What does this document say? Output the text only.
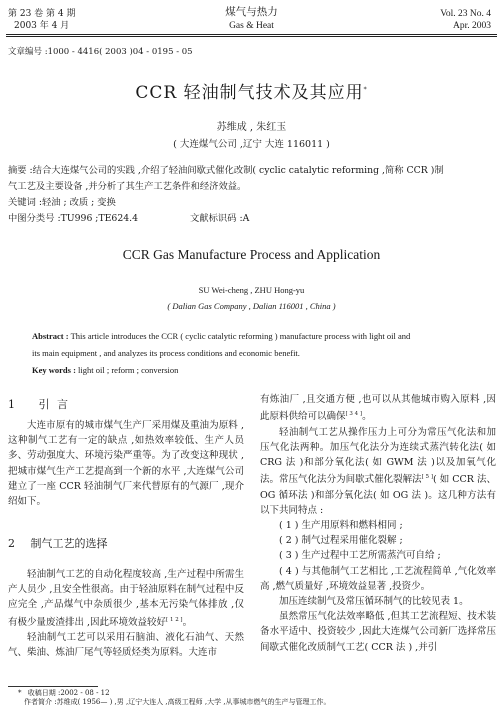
第 23 卷 第 4 期
2003 年 4 月
煤气与热力
Gas & Heat
Vol. 23 No. 4
Apr. 2003
文章编号 :1000 - 4416( 2003 )04 - 0195 - 05
CCR 轻油制气技术及其应用*
苏维成 , 朱红玉
( 大连煤气公司 ,辽宁 大连 116011 )
摘要 :结合大连煤气公司的实践 ,介绍了轻油间歇式催化改制( cyclic catalytic reforming ,简称 CCR )制
气工艺及主要设备 ,并分析了其生产工艺条件和经济效益。
关键词 :轻油 ; 改质 ; 变换
中图分类号 :TU996 ;TE624.4	文献标识码 :A
CCR Gas Manufacture Process and Application
SU Wei-cheng , ZHU Hong-yu
( Dalian Gas Company , Dalian 116001 , China )
Abstract : This article introduces the CCR ( cyclic catalytic reforming ) manufacture process with light oil and
its main equipment , and analyzes its process conditions and economic benefit.
Key words : light oil ; reform ; conversion
1 引 言

大连市原有的城市煤气生产厂采用煤及重油为原料 ,这种制气工艺有一定的缺点 ,如热效率较低、生产人员多、劳动强度大、环境污染严重等。为了改变这种现状 ,把城市煤气生产工艺提高到一个新的水平 ,大连煤气公司建立了一座 CCR 轻油制气厂来代替原有的气源厂 ,现介绍如下。

2 制气工艺的选择

轻油制气工艺的自动化程度较高 ,生产过程中所需生产人员少 ,且安全性很高。由于轻油原料在制气过程中反应完全 ,产品煤气中杂质很少 ,基本无污染气体排放 ,仅有极少量废渣排出 ,因此环境效益较好[ 1 2 ]。

轻油制气工艺可以采用石脑油、液化石油气、天然气、柴油、炼油厂尾气等轻质烃类为原料。大连市

有炼油厂 ,且交通方便 ,也可以从其他城市购入原料 ,因此原料供给可以确保[ 3 4 ]。

轻油制气工艺从操作压力上可分为常压气化法和加压气化法两种。加压气化法分为连续式蒸汽转化法( 如 CRG 法 )和部分氧化法( 如 GWM 法 )以及加氧气化法。常压气化法分为间歇式催化裂解法[ 5 ]( 如 CCR 法、OG 循环法 )和部分氧化法( 如 OG 法 )。这几种方法有以下共同特点 :

( 1 ) 生产用原料和燃料相同 ;

( 2 ) 制气过程采用催化裂解 ;

( 3 ) 生产过程中工艺所需蒸汽可自给 ;

( 4 ) 与其他制气工艺相比 ,工艺流程简单 ,气化效率高 ,燃气质量好 ,环境效益显著 ,投资少。

加压连续制气及常压循环制气的比较见表 1。

虽然常压气化法效率略低 ,但其工艺流程短、技术装备水平适中、投资较少 ,因此大连煤气公司新厂选择常压间歇式催化改质制气工艺( CCR 法 ) ,并引

* 收稿日期 :2002 - 08 - 12
作者简介 :苏维成( 1956— ) ,男 ,辽宁大连人 ,高级工程师 ,大学 ,从事城市燃气的生产与管理工作。
